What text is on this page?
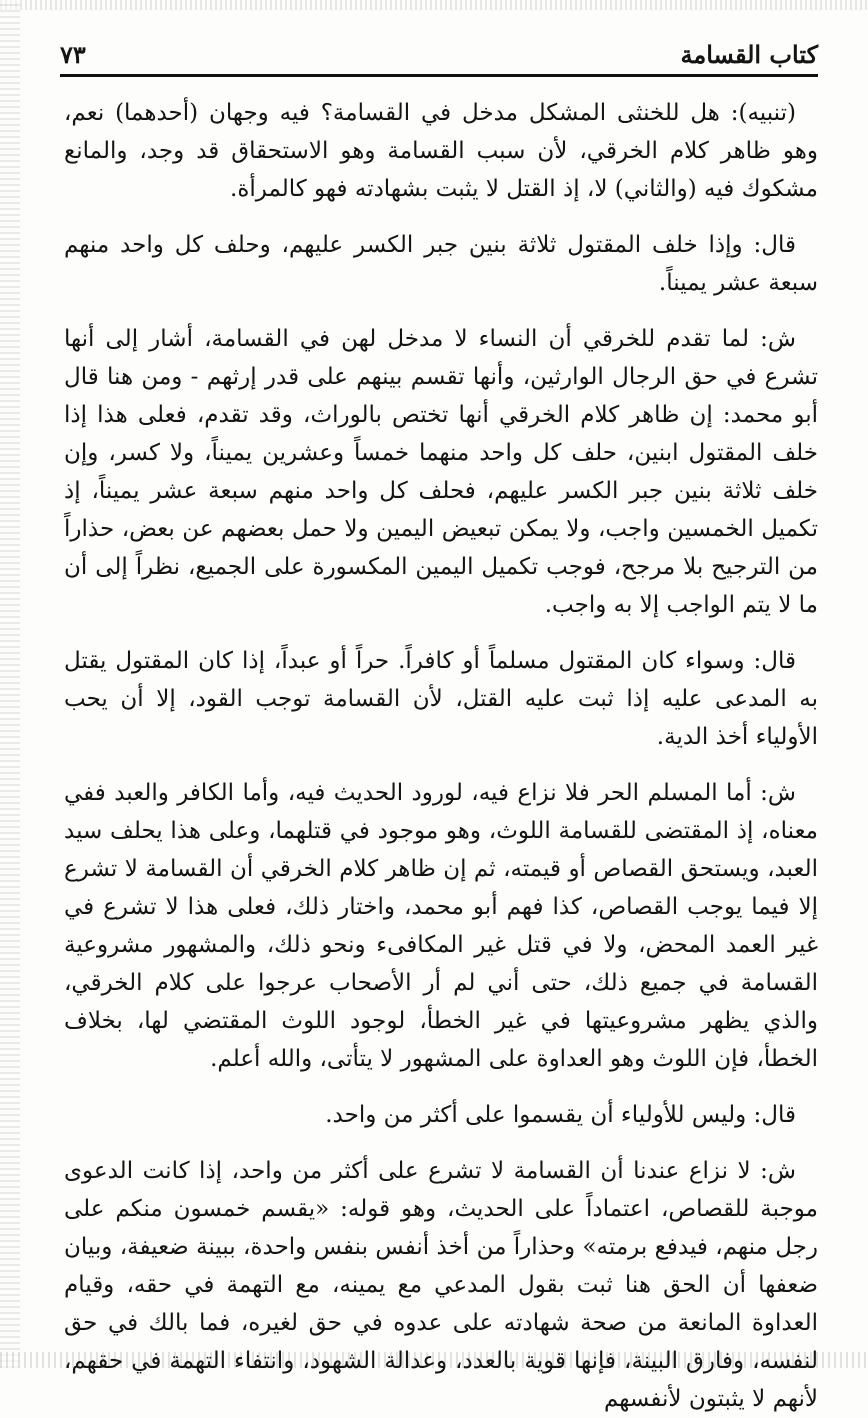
كتاب القسامة
٧٣

(تنبيه): هل للخنثى المشكل مدخل في القسامة؟ فيه وجهان (أحدهما) نعم، وهو ظاهر كلام الخرقي، لأن سبب القسامة وهو الاستحقاق قد وجد، والمانع مشكوك فيه (والثاني) لا، إذ القتل لا يثبت بشهادته فهو كالمرأة.

قال: وإذا خلف المقتول ثلاثة بنين جبر الكسر عليهم، وحلف كل واحد منهم سبعة عشر يميناً.

ش: لما تقدم للخرقي أن النساء لا مدخل لهن في القسامة، أشار إلى أنها تشرع في حق الرجال الوارثين، وأنها تقسم بينهم على قدر إرثهم - ومن هنا قال أبو محمد: إن ظاهر كلام الخرقي أنها تختص بالوراث، وقد تقدم، فعلى هذا إذا خلف المقتول ابنين، حلف كل واحد منهما خمساً وعشرين يميناً، ولا كسر، وإن خلف ثلاثة بنين جبر الكسر عليهم، فحلف كل واحد منهم سبعة عشر يميناً، إذ تكميل الخمسين واجب، ولا يمكن تبعيض اليمين ولا حمل بعضهم عن بعض، حذاراً من الترجيح بلا مرجح، فوجب تكميل اليمين المكسورة على الجميع، نظراً إلى أن ما لا يتم الواجب إلا به واجب.

قال: وسواء كان المقتول مسلماً أو كافراً. حراً أو عبداً، إذا كان المقتول يقتل به المدعى عليه إذا ثبت عليه القتل، لأن القسامة توجب القود، إلا أن يحب الأولياء أخذ الدية.

ش: أما المسلم الحر فلا نزاع فيه، لورود الحديث فيه، وأما الكافر والعبد ففي معناه، إذ المقتضى للقسامة اللوث، وهو موجود في قتلهما، وعلى هذا يحلف سيد العبد، ويستحق القصاص أو قيمته، ثم إن ظاهر كلام الخرقي أن القسامة لا تشرع إلا فيما يوجب القصاص، كذا فهم أبو محمد، واختار ذلك، فعلى هذا لا تشرع في غير العمد المحض، ولا في قتل غير المكافىء ونحو ذلك، والمشهور مشروعية القسامة في جميع ذلك، حتى أني لم أر الأصحاب عرجوا على كلام الخرقي، والذي يظهر مشروعيتها في غير الخطأ، لوجود اللوث المقتضي لها، بخلاف الخطأ، فإن اللوث وهو العداوة على المشهور لا يتأتى، والله أعلم.

قال: وليس للأولياء أن يقسموا على أكثر من واحد.

ش: لا نزاع عندنا أن القسامة لا تشرع على أكثر من واحد، إذا كانت الدعوى موجبة للقصاص، اعتماداً على الحديث، وهو قوله: «يقسم خمسون منكم على رجل منهم، فيدفع برمته» وحذاراً من أخذ أنفس بنفس واحدة، ببينة ضعيفة، وبيان ضعفها أن الحق هنا ثبت بقول المدعي مع يمينه، مع التهمة في حقه، وقيام العداوة المانعة من صحة شهادته على عدوه في حق لغيره، فما بالك في حق لنفسه، وفارق البينة، فإنها قوية بالعدد، وعدالة الشهود، وانتفاء التهمة في حقهم، لأنهم لا يثبتون لأنفسهم
